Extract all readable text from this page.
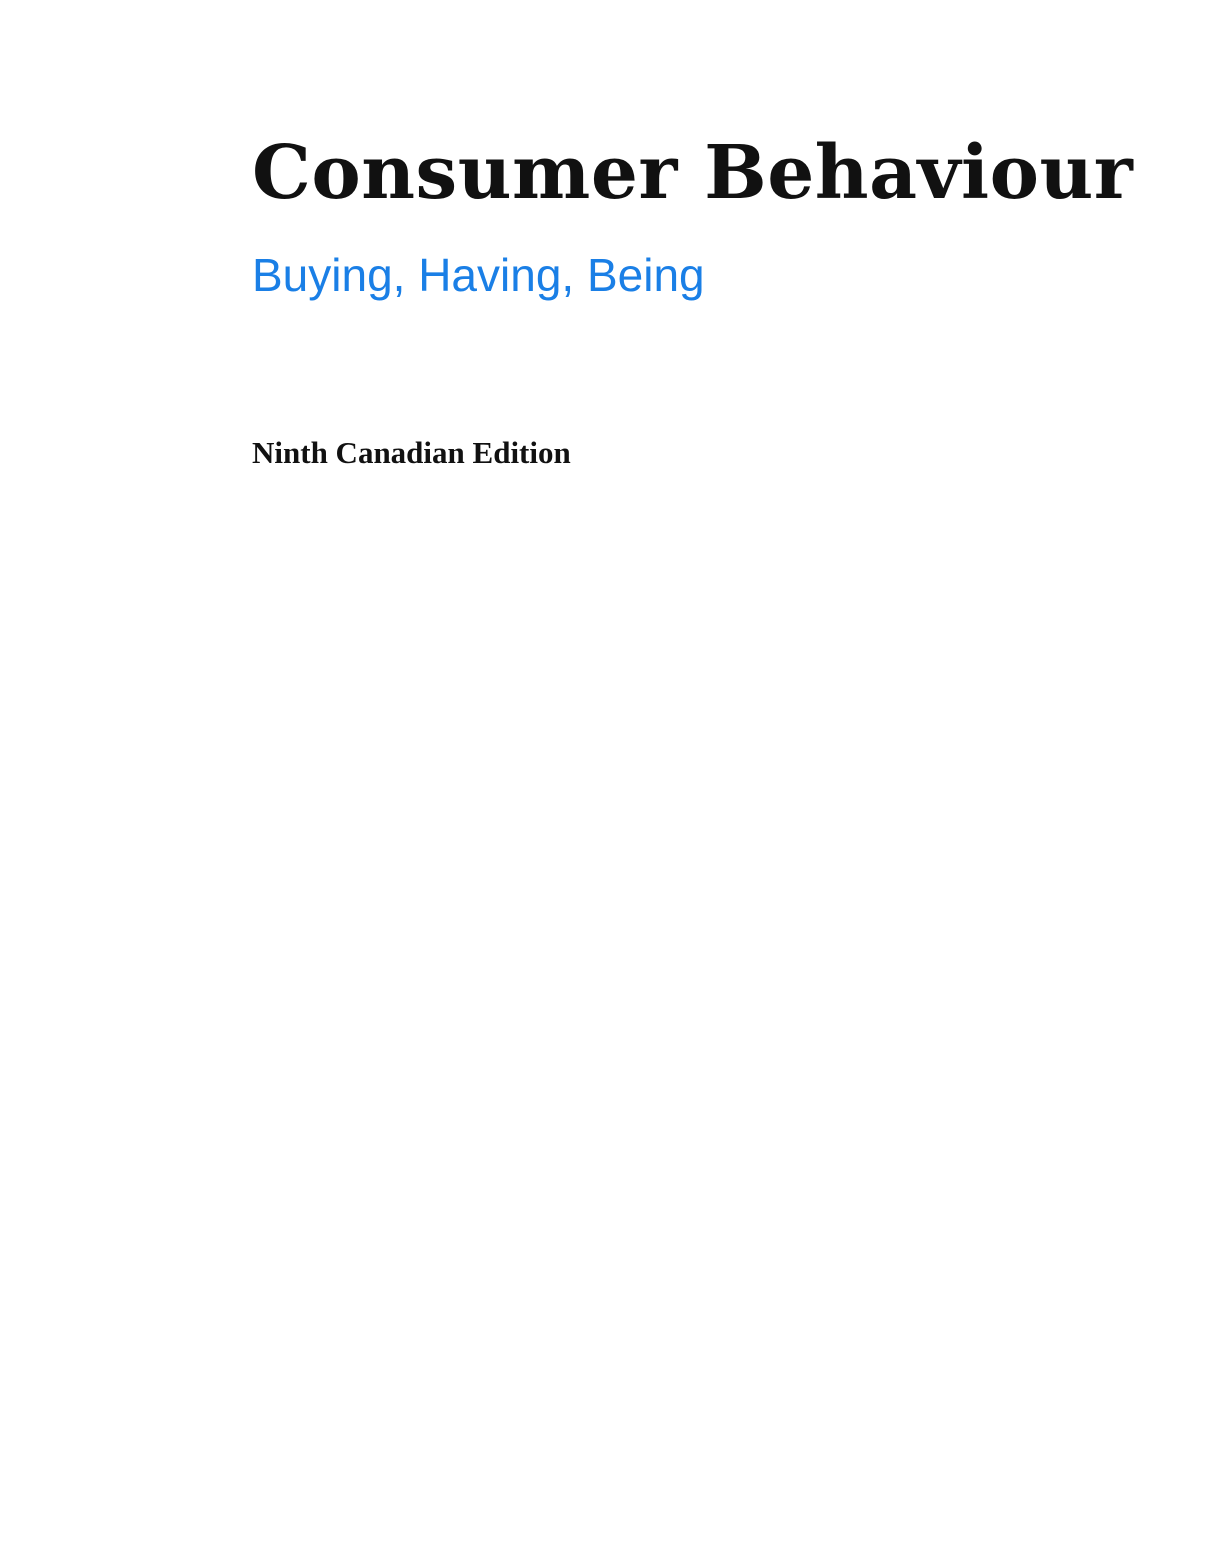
Consumer Behaviour
Buying, Having, Being

Ninth Canadian Edition
